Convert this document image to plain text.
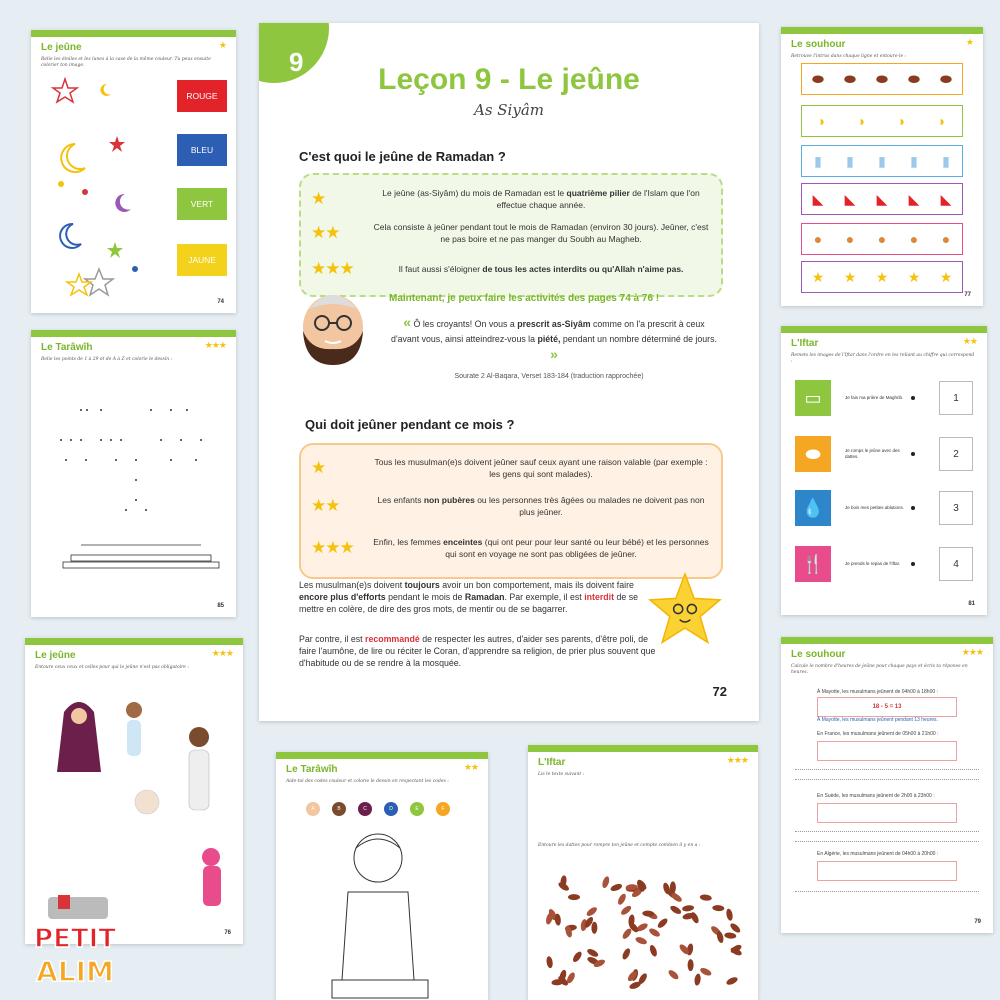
9
Leçon 9 - Le jeûne
As Siyâm
C'est quoi le jeûne de Ramadan ?
★	Le jeûne (as-Siyâm) du mois de Ramadan est le quatrième pilier de l'Islam que l'on effectue chaque année.
★★	Cela consiste à jeûner pendant tout le mois de Ramadan (environ 30 jours). Jeûner, c'est ne pas boire et ne pas manger du Soubh au Magheb.
★★★	Il faut aussi s'éloigner de tous les actes interdits ou qu'Allah n'aime pas.
Maintenant, je peux faire les activités des pages 74 à 76 !
« Ô les croyants! On vous a prescrit as-Siyâm comme on l'a prescrit à ceux d'avant vous, ainsi atteindrez-vous la piété, pendant un nombre déterminé de jours. »
Sourate 2 Al-Baqara, Verset 183-184 (traduction rapprochée)
Qui doit jeûner pendant ce mois ?
★	Tous les musulman(e)s doivent jeûner sauf ceux ayant une raison valable (par exemple : les gens qui sont malades).
★★	Les enfants non pubères ou les personnes très âgées ou malades ne doivent pas non plus jeûner.
★★★	Enfin, les femmes enceintes (qui ont peur pour leur santé ou leur bébé) et les personnes qui sont en voyage ne sont pas obligées de jeûner.
Les musulman(e)s doivent toujours avoir un bon comportement, mais ils doivent faire encore plus d'efforts pendant le mois de Ramadan. Par exemple, il est interdit de se mettre en colère, de dire des gros mots, de mentir ou de se bagarrer.
Par contre, il est recommandé de respecter les autres, d'aider ses parents, d'être poli, de faire l'aumône, de lire ou réciter le Coran, d'apprendre sa religion, de prier plus souvent que d'habitude ou de se rendre à la mosquée.
72
Le jeûne	★
Relie les étoiles et les lunes à la case de la même couleur. Tu peux ensuite colorier ton image.
ROUGE
BLEU
VERT
JAUNE
74
Le Tarâwîh	★★★
Relie les points de 1 à 29 et de A à Z et colorie le dessin :
85
Le jeûne	★★★
Entoure ceux ceux et celles pour qui le jeûne n'est pas obligatoire :
76
Le Tarâwîh	★★
Aide-toi des codes couleur et colorie le dessin en respectant les codes :
A	B	C	D	E	F
L'Iftar	★★★
Lis le texte suivant :
Entoure les dattes pour rompre ton jeûne et compte combien il y en a :
Le souhour	★
Retrouve l'intrus dans chaque ligne et entoure-le :
⬬ ⬬ ⬬ ⬬ ⬬
◗ ◗ ◗ ◗
▮ ▮ ▮ ▮ ▮
◣ ◣ ◣ ◣ ◣
● ● ● ● ●
★ ★ ★ ★ ★
77
L'Iftar	★★
Remets les images de l'Iftar dans l'ordre en les reliant au chiffre qui correspond :
▭	Je fais ma prière de Maghrib.	1
⬬	Je romps le jeûne avec des dattes.	2
💧	Je bois mes petites ablutions.	3
🍴	Je prends le repas de l'Iftar.	4
81
Le souhour	★★★
Calcule le nombre d'heures de jeûne pour chaque pays et écris ta réponse en heures.
À Mayotte, les musulmans jeûnent de 04h00 à 18h00 :
18 - 5 = 13
À Mayotte, les musulmans jeûnent pendant 13 heures.
En France, les musulmans jeûnent de 05h00 à 21h00 :
En Suède, les musulmans jeûnent de 2h00 à 23h00 :
En Algérie, les musulmans jeûnent de 04h00 à 20h00 :
79
PETIT
ALIM
